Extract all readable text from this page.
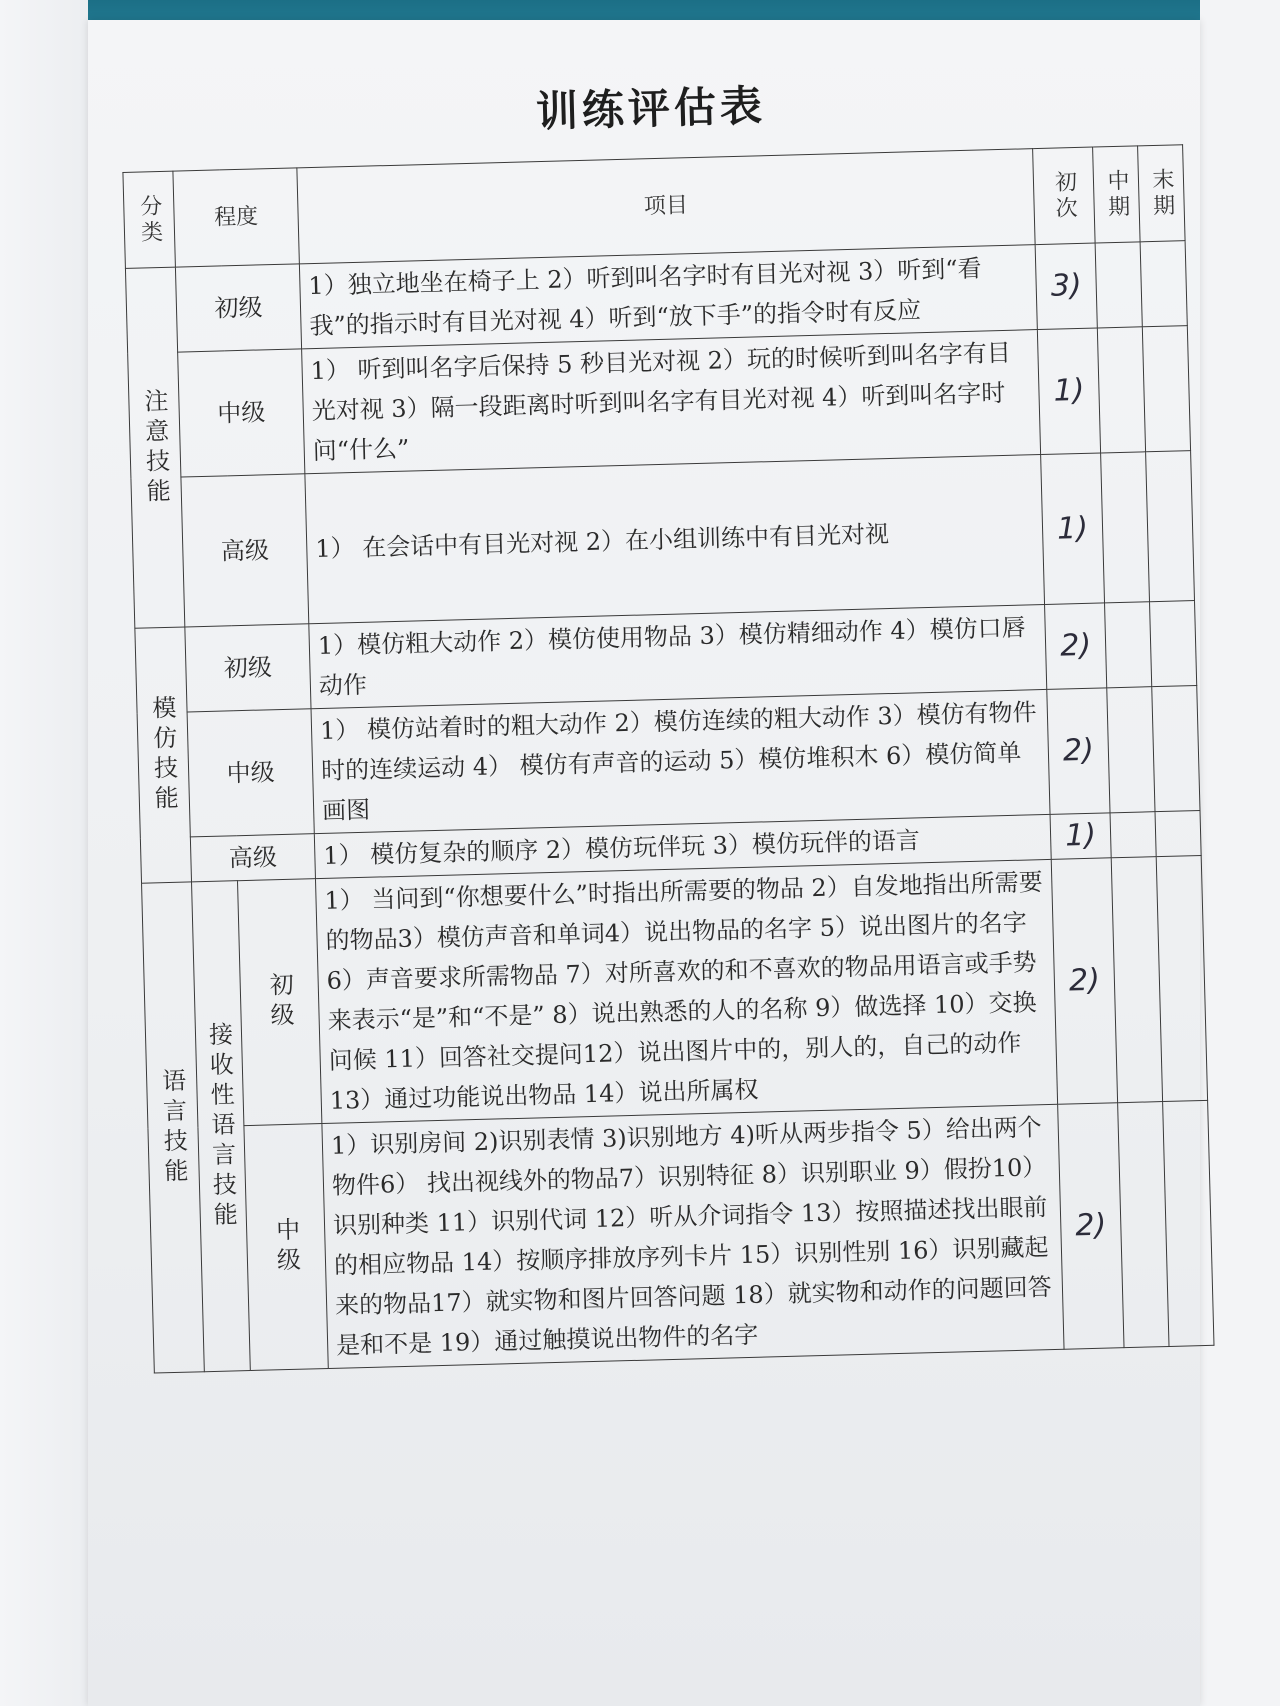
训练评估表
分类	程度		项目	初次	中期	末期
注意技能	初级		1）独立地坐在椅子上 2）听到叫名字时有目光对视 3）听到“看我”的指示时有目光对视 4）听到“放下手”的指令时有反应	3)		
	中级		1） 听到叫名字后保持 5 秒目光对视 2）玩的时候听到叫名字有目光对视 3）隔一段距离时听到叫名字有目光对视 4）听到叫名字时问“什么”	1)		
	高级		1） 在会话中有目光对视 2）在小组训练中有目光对视	1)		
模仿技能	初级		1）模仿粗大动作 2）模仿使用物品 3）模仿精细动作 4）模仿口唇动作	2)		
	中级		1） 模仿站着时的粗大动作 2）模仿连续的粗大动作 3）模仿有物件时的连续运动 4） 模仿有声音的运动 5）模仿堆积木 6）模仿简单画图	2)		
	高级		1） 模仿复杂的顺序 2）模仿玩伴玩 3）模仿玩伴的语言	1)		
语言技能	接收性语言技能	初级	1） 当问到“你想要什么”时指出所需要的物品 2）自发地指出所需要的物品3）模仿声音和单词4）说出物品的名字 5）说出图片的名字6）声音要求所需物品 7）对所喜欢的和不喜欢的物品用语言或手势来表示“是”和“不是” 8）说出熟悉的人的名称 9）做选择 10）交换问候 11）回答社交提问12）说出图片中的，别人的，自己的动作 13）通过功能说出物品 14）说出所属权	2)		
		中级	1）识别房间 2)识别表情 3)识别地方 4)听从两步指令 5）给出两个物件6） 找出视线外的物品7）识别特征 8）识别职业 9）假扮10）识别种类 11）识别代词 12）听从介词指令 13）按照描述找出眼前的相应物品 14）按顺序排放序列卡片 15）识别性别 16）识别藏起来的物品17）就实物和图片回答问题 18）就实物和动作的问题回答是和不是 19）通过触摸说出物件的名字	2)		
